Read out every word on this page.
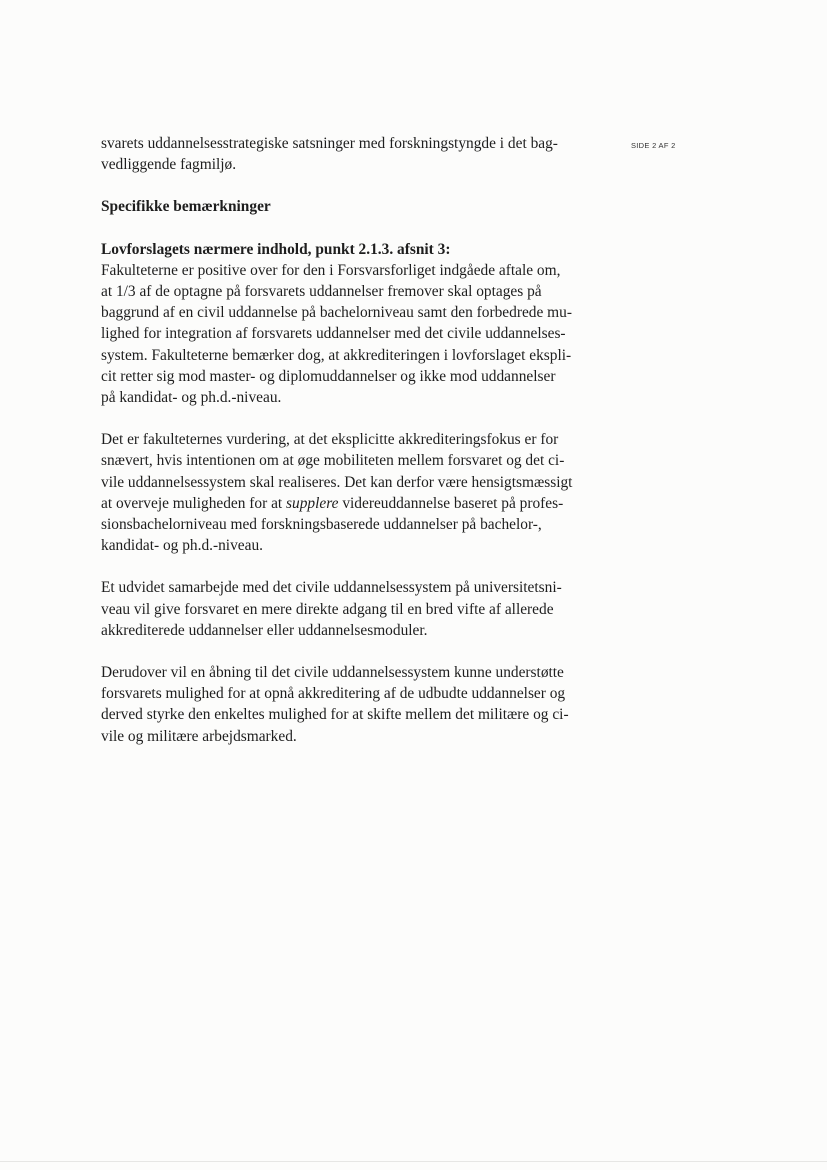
SIDE 2 AF 2

svarets uddannelsesstrategiske satsninger med forskningstyngde i det bag-
vedliggende fagmiljø.

Specifikke bemærkninger

Lovforslagets nærmere indhold, punkt 2.1.3. afsnit 3:
Fakulteterne er positive over for den i Forsvarsforliget indgåede aftale om,
at 1/3 af de optagne på forsvarets uddannelser fremover skal optages på
baggrund af en civil uddannelse på bachelorniveau samt den forbedrede mu-
lighed for integration af forsvarets uddannelser med det civile uddannelses-
system. Fakulteterne bemærker dog, at akkrediteringen i lovforslaget ekspli-
cit retter sig mod master- og diplomuddannelser og ikke mod uddannelser
på kandidat- og ph.d.-niveau.

Det er fakulteternes vurdering, at det eksplicitte akkrediteringsfokus er for
snævert, hvis intentionen om at øge mobiliteten mellem forsvaret og det ci-
vile uddannelsessystem skal realiseres. Det kan derfor være hensigtsmæssigt
at overveje muligheden for at supplere videreuddannelse baseret på profes-
sionsbachelorniveau med forskningsbaserede uddannelser på bachelor-,
kandidat- og ph.d.-niveau.

Et udvidet samarbejde med det civile uddannelsessystem på universitetsni-
veau vil give forsvaret en mere direkte adgang til en bred vifte af allerede
akkrediterede uddannelser eller uddannelsesmoduler.

Derudover vil en åbning til det civile uddannelsessystem kunne understøtte
forsvarets mulighed for at opnå akkreditering af de udbudte uddannelser og
derved styrke den enkeltes mulighed for at skifte mellem det militære og ci-
vile og militære arbejdsmarked.
